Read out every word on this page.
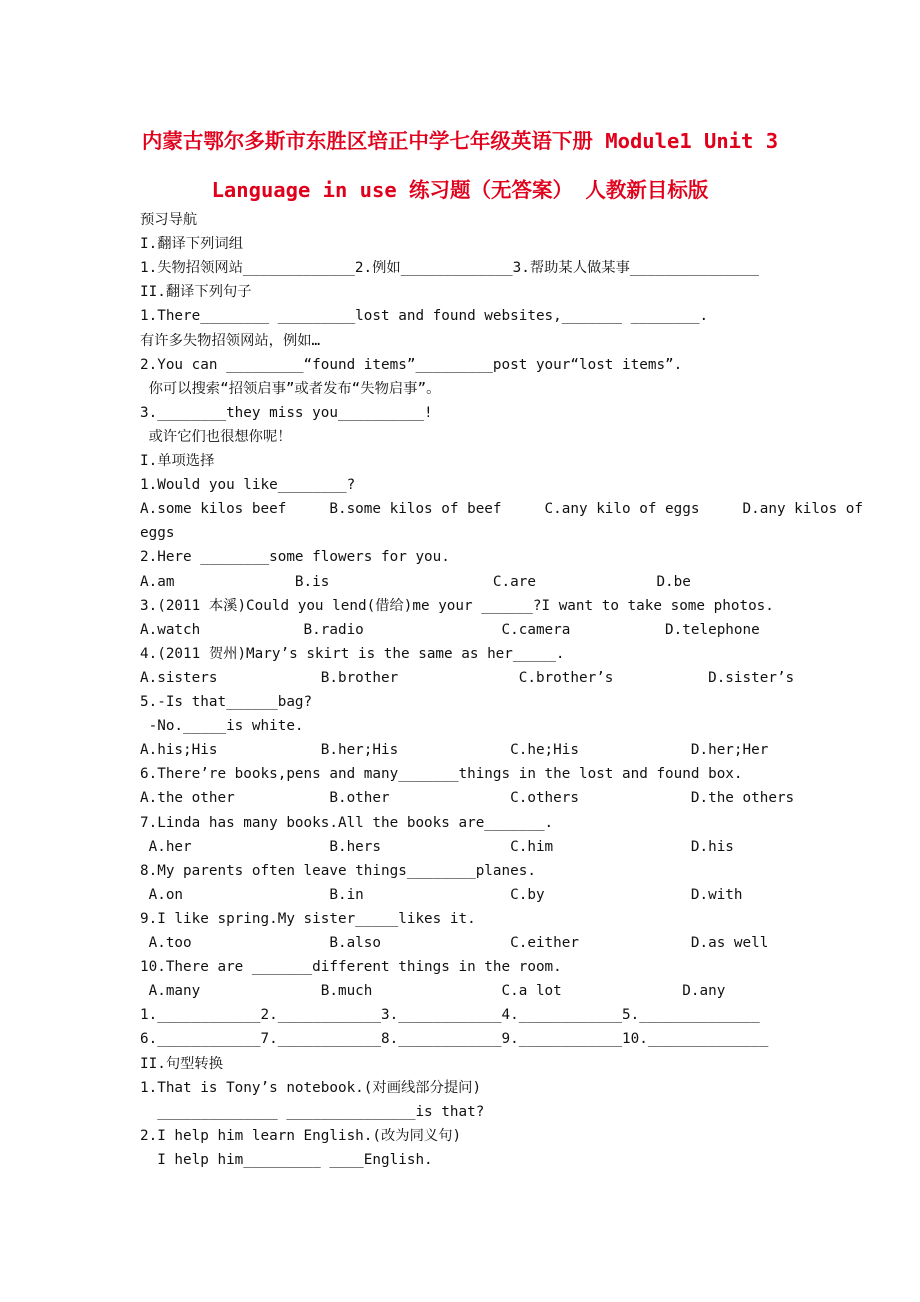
内蒙古鄂尔多斯市东胜区培正中学七年级英语下册 Module1 Unit 3
Language in use 练习题（无答案） 人教新目标版
预习导航
I.翻译下列词组
1.失物招领网站_____________2.例如_____________3.帮助某人做某事_______________
II.翻译下列句子
1.There________ _________lost and found websites,_______ ________.
有许多失物招领网站，例如…
2.You can _________“found items”_________post your“lost items”.
你可以搜索“招领启事”或者发布“失物启事”。
3.________they miss you__________!
或许它们也很想你呢！
I.单项选择
1.Would you like________?
A.some kilos beef     B.some kilos of beef     C.any kilo of eggs     D.any kilos of
eggs
2.Here ________some flowers for you.
A.am              B.is                   C.are              D.be
3.(2011 本溪)Could you lend(借给)me your ______?I want to take some photos.
A.watch            B.radio                C.camera           D.telephone
4.(2011 贺州)Mary’s skirt is the same as her_____.
A.sisters            B.brother              C.brother’s           D.sister’s
5.-Is that______bag?
-No._____is white.
A.his;His            B.her;His             C.he;His             D.her;Her
6.There’re books,pens and many_______things in the lost and found box.
A.the other           B.other              C.others             D.the others
7.Linda has many books.All the books are_______.
A.her                B.hers               C.him                D.his
8.My parents often leave things________planes.
A.on                 B.in                 C.by                 D.with
9.I like spring.My sister_____likes it.
A.too                B.also               C.either             D.as well
10.There are _______different things in the room.
A.many              B.much               C.a lot              D.any
1.____________2.____________3.____________4.____________5.______________
6.____________7.____________8.____________9.____________10.______________
II.句型转换
1.That is Tony’s notebook.(对画线部分提问)
______________ _______________is that?
2.I help him learn English.(改为同义句)
I help him_________ ____English.
